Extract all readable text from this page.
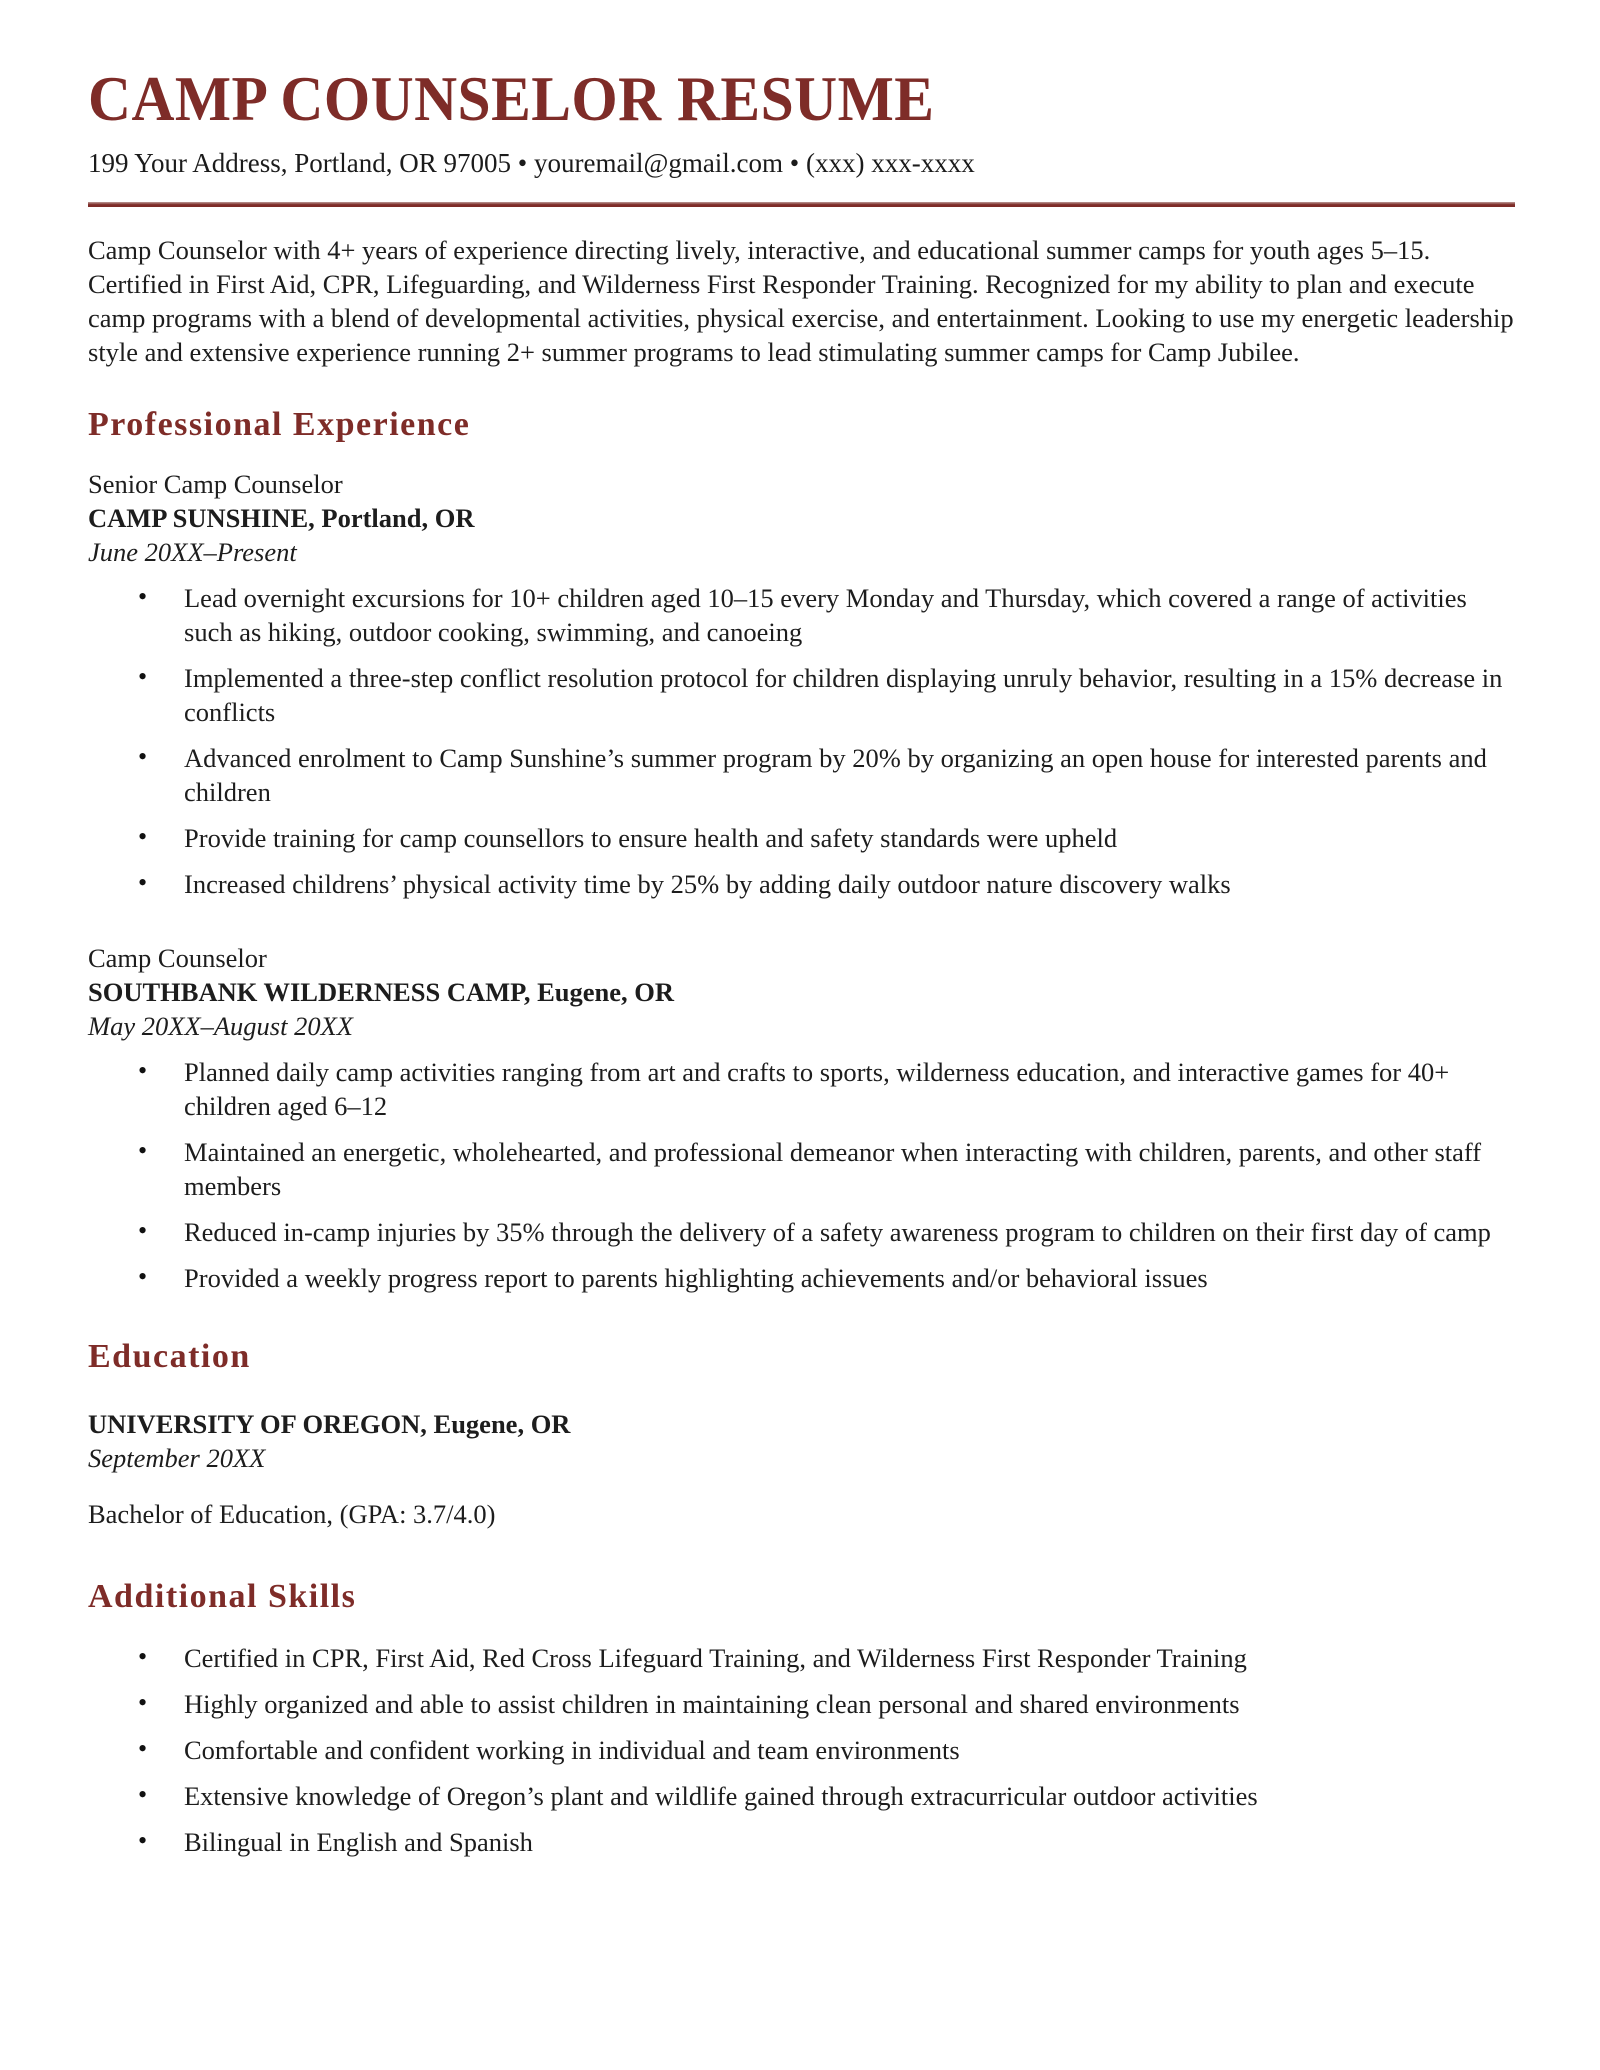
CAMP COUNSELOR RESUME
199 Your Address, Portland, OR 97005 • youremail@gmail.com • (xxx) xxx-xxxx

Camp Counselor with 4+ years of experience directing lively, interactive, and educational summer camps for youth ages 5–15. Certified in First Aid, CPR, Lifeguarding, and Wilderness First Responder Training. Recognized for my ability to plan and execute camp programs with a blend of developmental activities, physical exercise, and entertainment. Looking to use my energetic leadership style and extensive experience running 2+ summer programs to lead stimulating summer camps for Camp Jubilee.

Professional Experience
Senior Camp Counselor
CAMP SUNSHINE, Portland, OR
June 20XX–Present
• Lead overnight excursions for 10+ children aged 10–15 every Monday and Thursday, which covered a range of activities such as hiking, outdoor cooking, swimming, and canoeing
• Implemented a three-step conflict resolution protocol for children displaying unruly behavior, resulting in a 15% decrease in conflicts
• Advanced enrolment to Camp Sunshine’s summer program by 20% by organizing an open house for interested parents and children
• Provide training for camp counsellors to ensure health and safety standards were upheld
• Increased childrens’ physical activity time by 25% by adding daily outdoor nature discovery walks
Camp Counselor
SOUTHBANK WILDERNESS CAMP, Eugene, OR
May 20XX–August 20XX
• Planned daily camp activities ranging from art and crafts to sports, wilderness education, and interactive games for 40+ children aged 6–12
• Maintained an energetic, wholehearted, and professional demeanor when interacting with children, parents, and other staff members
• Reduced in-camp injuries by 35% through the delivery of a safety awareness program to children on their first day of camp
• Provided a weekly progress report to parents highlighting achievements and/or behavioral issues
Education
UNIVERSITY OF OREGON, Eugene, OR
September 20XX
Bachelor of Education, (GPA: 3.7/4.0)
Additional Skills
• Certified in CPR, First Aid, Red Cross Lifeguard Training, and Wilderness First Responder Training
• Highly organized and able to assist children in maintaining clean personal and shared environments
• Comfortable and confident working in individual and team environments
• Extensive knowledge of Oregon’s plant and wildlife gained through extracurricular outdoor activities
• Bilingual in English and Spanish
